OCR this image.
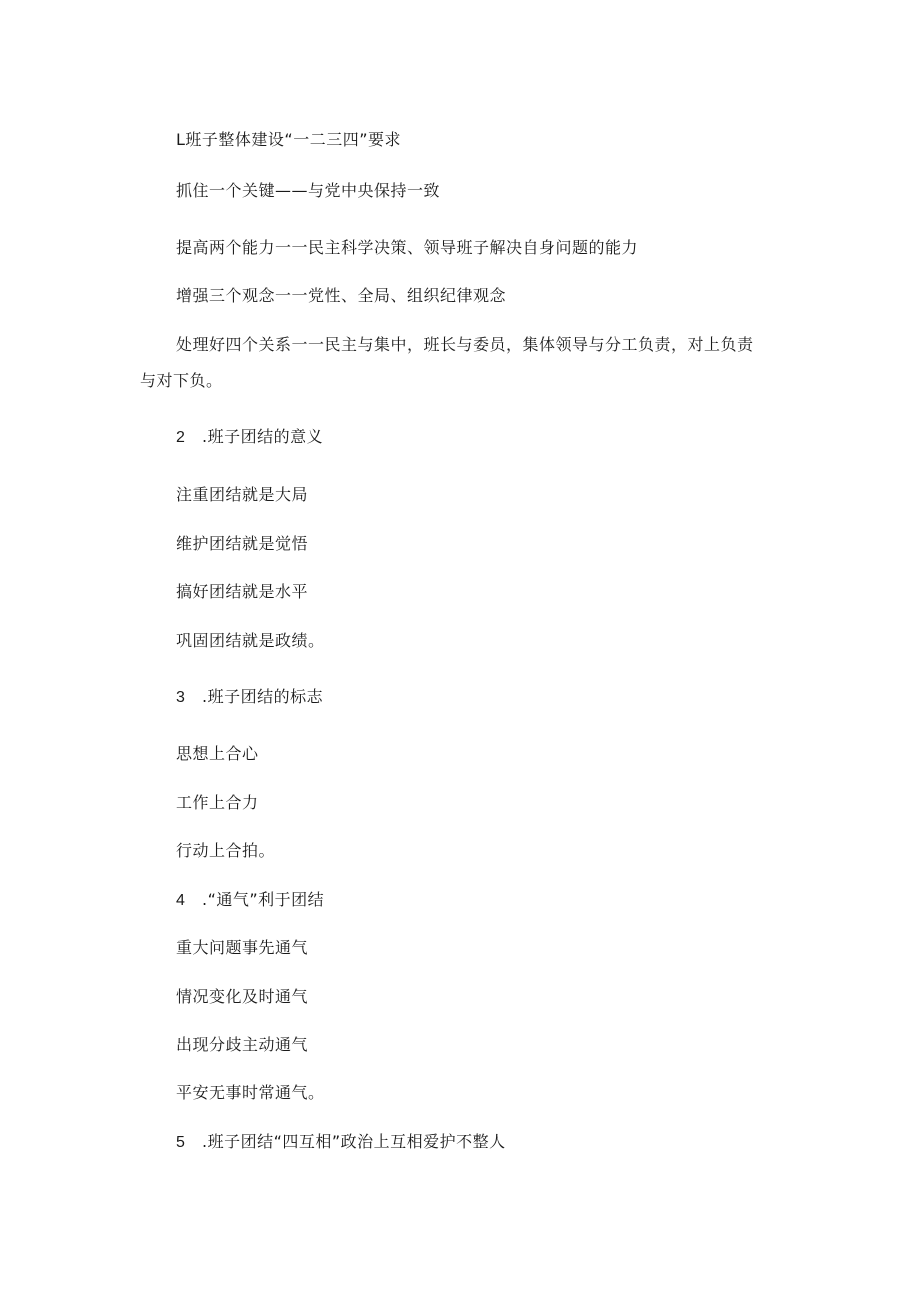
L班子整体建设“一二三四”要求
抓住一个关键——与党中央保持一致
提高两个能力一一民主科学决策、领导班子解决自身问题的能力
增强三个观念一一党性、全局、组织纪律观念
处理好四个关系一一民主与集中，班长与委员，集体领导与分工负责，对上负责
与对下负。
2 .班子团结的意义
注重团结就是大局
维护团结就是觉悟
搞好团结就是水平
巩固团结就是政绩。
3 .班子团结的标志
思想上合心
工作上合力
行动上合拍。
4 .“通气”利于团结
重大问题事先通气
情况变化及时通气
出现分歧主动通气
平安无事时常通气。
5 .班子团结“四互相”政治上互相爱护不整人
